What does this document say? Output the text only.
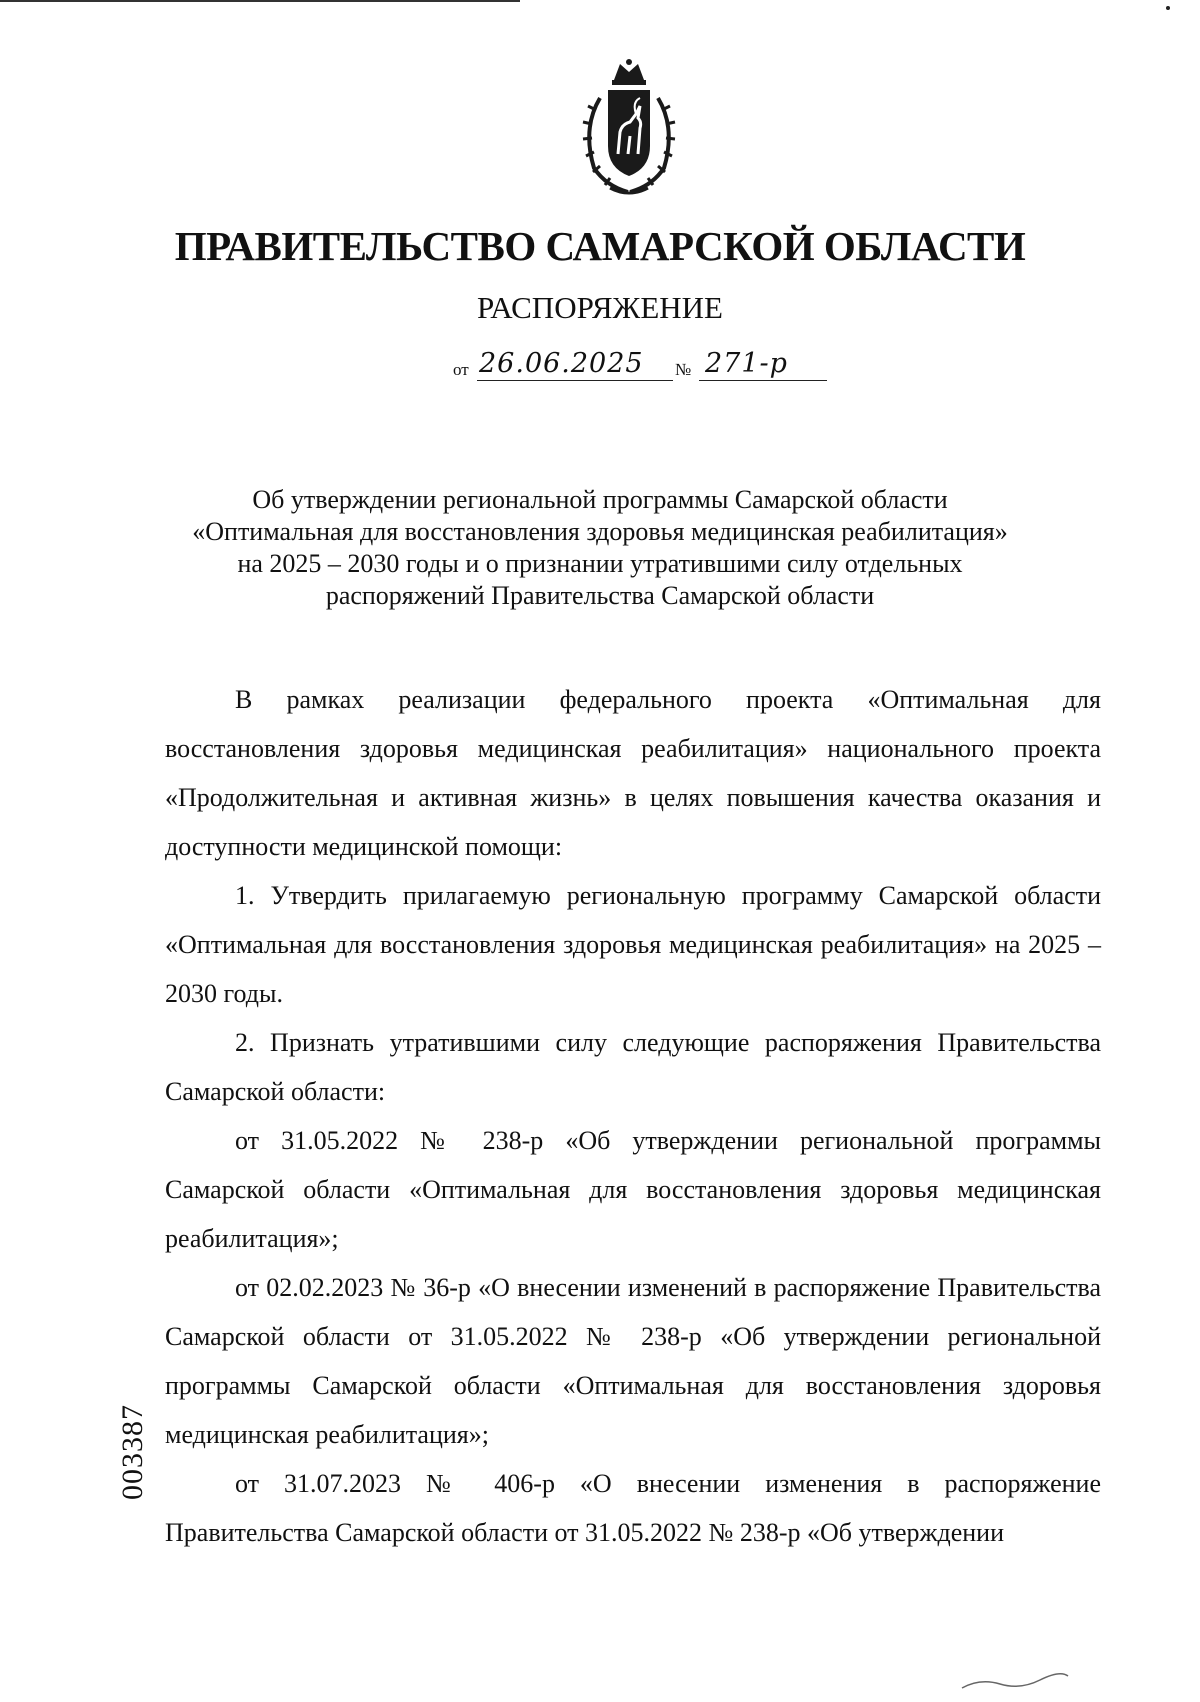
ПРАВИТЕЛЬСТВО САМАРСКОЙ ОБЛАСТИ
РАСПОРЯЖЕНИЕ
от 26.06.2025 № 271-р
Об утверждении региональной программы Самарской области
«Оптимальная для восстановления здоровья медицинская реабилитация»
на 2025 – 2030 годы и о признании утратившими силу отдельных
распоряжений Правительства Самарской области

В рамках реализации федерального проекта «Оптимальная для восстановления здоровья медицинская реабилитация» национального проекта «Продолжительная и активная жизнь» в целях повышения качества оказания и доступности медицинской помощи:

1. Утвердить прилагаемую региональную программу Самарской области «Оптимальная для восстановления здоровья медицинская реабилитация» на 2025 – 2030 годы.

2. Признать утратившими силу следующие распоряжения Правительства Самарской области:

от 31.05.2022 № 238-р «Об утверждении региональной программы Самарской области «Оптимальная для восстановления здоровья медицинская реабилитация»;

от 02.02.2023 № 36-р «О внесении изменений в распоряжение Правительства Самарской области от 31.05.2022 № 238-р «Об утверждении региональной программы Самарской области «Оптимальная для восстановления здоровья медицинская реабилитация»;

от 31.07.2023 № 406-р «О внесении изменения в распоряжение Правительства Самарской области от 31.05.2022 № 238-р «Об утверждении

003387
